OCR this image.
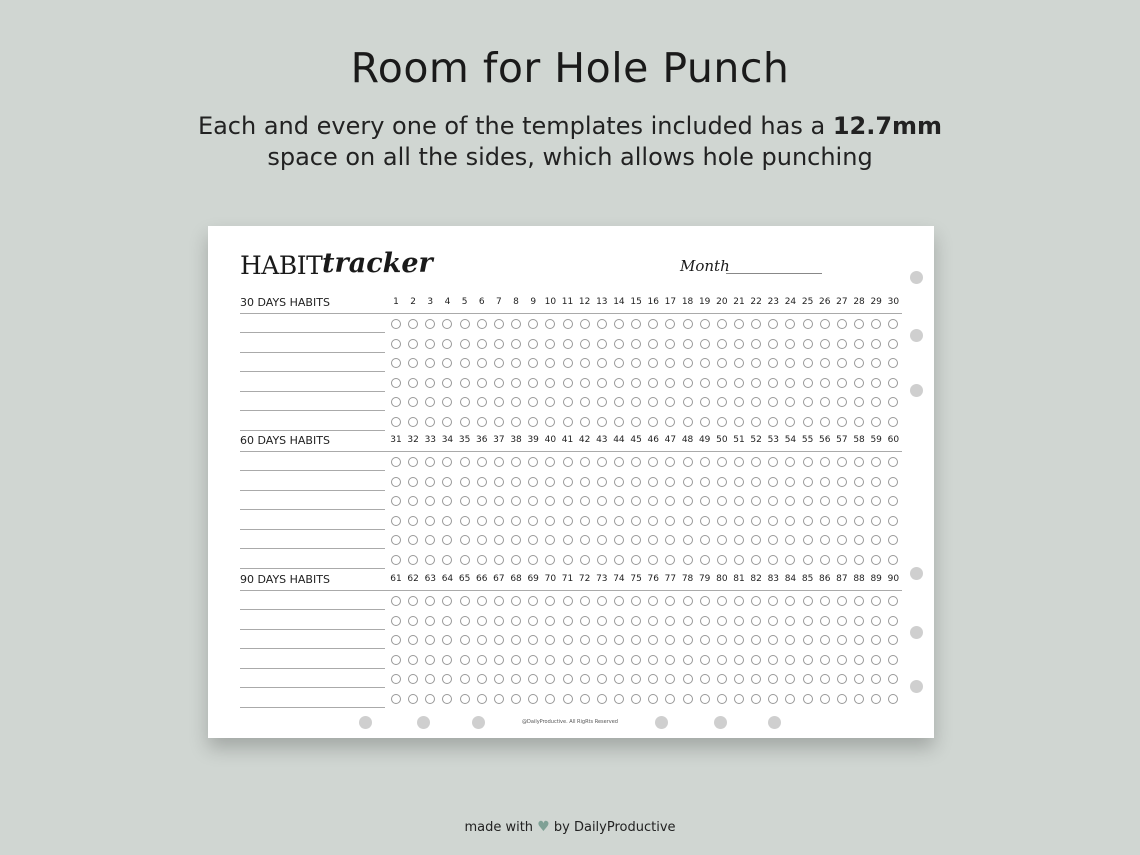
Room for Hole Punch

Each and every one of the templates included has a 12.7mm space on all the sides, which allows hole punching

HABIT tracker	Month
@DailyProductive. All RigRts Reserved
30 DAYS HABITS	1	2	3	4	5	6	7	8	9 10 11 12 13 14 15 16 17 18 19 20 21 22 23 24 25 26 27 28 29 30
60 DAYS HABITS	31 32 33 34 35 36 37 38 39 40 41 42 43 44 45 46 47 48 49 50 51 52 53 54 55 56 57 58 59 60
90 DAYS HABITS	61 62 63 64 65 66 67 68 69 70 71 72 73 74 75 76 77 78 79 80 81 82 83 84 85 86 87 88 89 90
made with ♥ by DailyProductive
